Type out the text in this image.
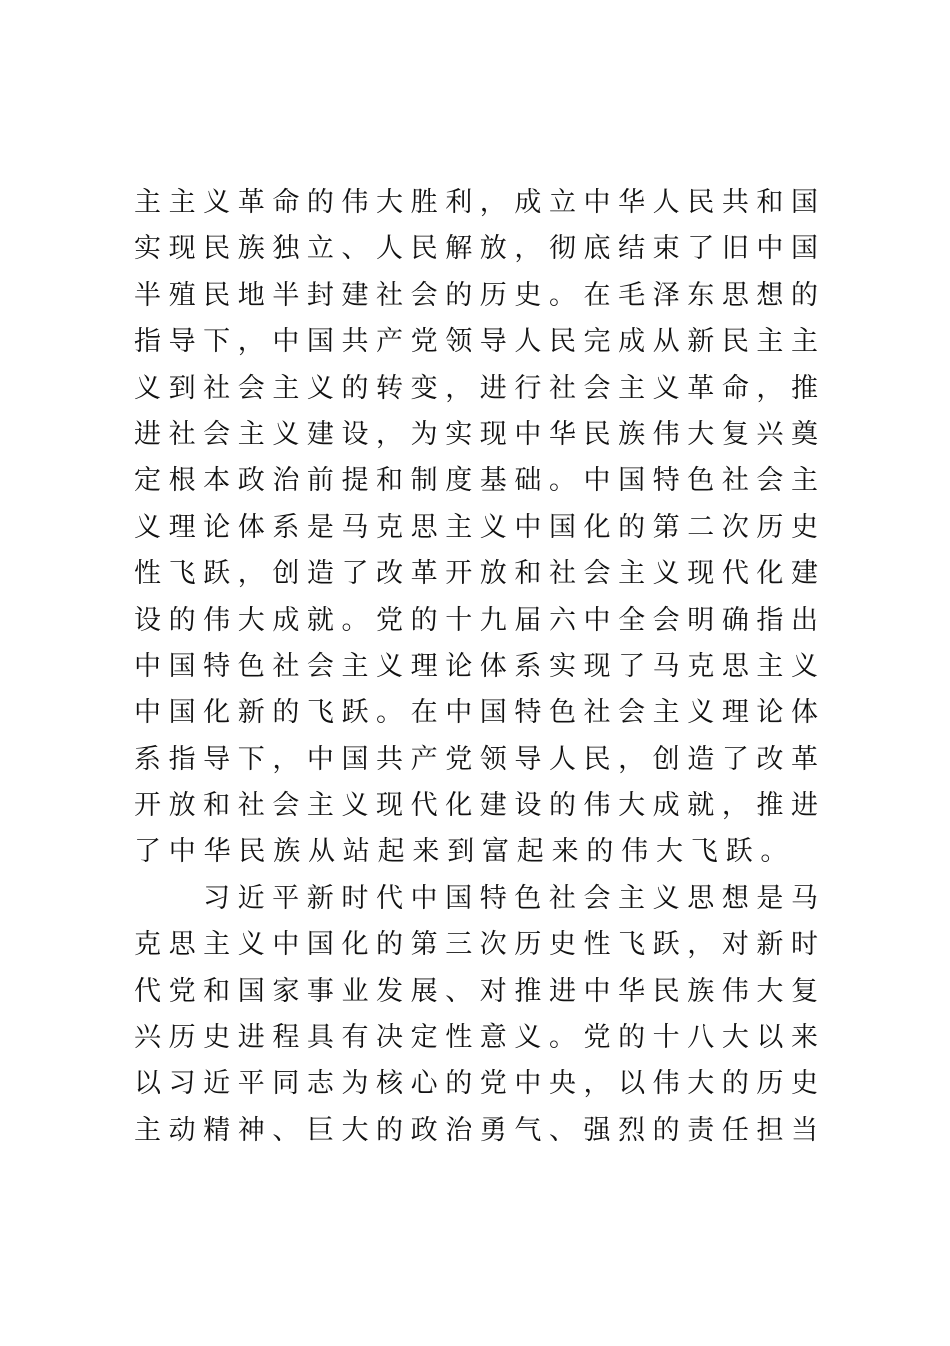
主主义革命的伟大胜利，成立中华人民共和国
实现民族独立、人民解放，彻底结束了旧中国
半殖民地半封建社会的历史。在毛泽东思想的
指导下，中国共产党领导人民完成从新民主主
义到社会主义的转变，进行社会主义革命，推
进社会主义建设，为实现中华民族伟大复兴奠
定根本政治前提和制度基础。中国特色社会主
义理论体系是马克思主义中国化的第二次历史
性飞跃，创造了改革开放和社会主义现代化建
设的伟大成就。党的十九届六中全会明确指出
中国特色社会主义理论体系实现了马克思主义
中国化新的飞跃。在中国特色社会主义理论体
系指导下，中国共产党领导人民，创造了改革
开放和社会主义现代化建设的伟大成就，推进
了中华民族从站起来到富起来的伟大飞跃。
习近平新时代中国特色社会主义思想是马
克思主义中国化的第三次历史性飞跃，对新时
代党和国家事业发展、对推进中华民族伟大复
兴历史进程具有决定性意义。党的十八大以来
以习近平同志为核心的党中央，以伟大的历史
主动精神、巨大的政治勇气、强烈的责任担当
